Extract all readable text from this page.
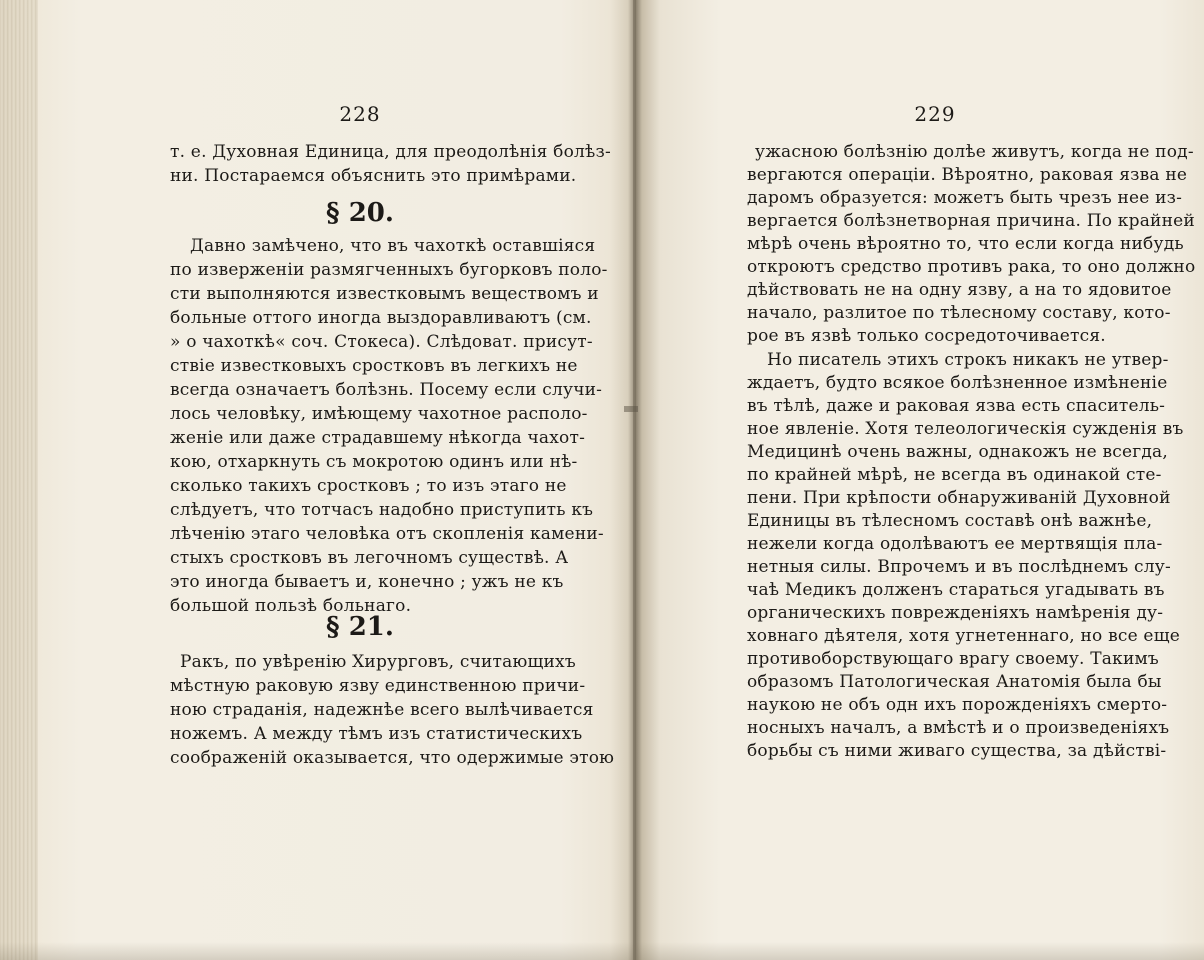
228
т. е. Духовная Единица, для преодолѣнія болѣз-
ни. Постараемся объяснить это примѣрами.
§ 20.
Давно замѣчено, что въ чахоткѣ оставшіяся
по изверженіи размягченныхъ бугорковъ поло-
сти выполняются известковымъ веществомъ и
больные оттого иногда выздоравливаютъ (см.
» о чахоткѣ« соч. Стокеса). Слѣдоват. присут-
ствіе известковыхъ сростковъ въ легкихъ не
всегда означаетъ болѣзнь. Посему если случи-
лось человѣку, имѣющему чахотное располо-
женіе или даже страдавшему нѣкогда чахот-
кою, отхаркнуть съ мокротою одинъ или нѣ-
сколько такихъ сростковъ ; то изъ этаго не
слѣдуетъ, что тотчасъ надобно приступить къ
лѣченію этаго человѣка отъ скопленія камени-
стыхъ сростковъ въ легочномъ существѣ. А
это иногда бываетъ и, конечно ; ужъ не къ
большой пользѣ больнаго.
§ 21.
Ракъ, по увѣренію Хирурговъ, считающихъ
мѣстную раковую язву единственною причи-
ною страданія, надежнѣе всего вылѣчивается
ножемъ. А между тѣмъ изъ статистическихъ
соображеній оказывается, что одержимые этою
229
ужасною болѣзнію долѣе живутъ, когда не под-
вергаются операціи. Вѣроятно, раковая язва не
даромъ образуется: можетъ быть чрезъ нее из-
вергается болѣзнетворная причина. По крайней
мѣрѣ очень вѣроятно то, что если когда нибудь
откроютъ средство противъ рака, то оно должно
дѣйствовать не на одну язву, а на то ядовитое
начало, разлитое по тѣлесному составу, кото-
рое въ язвѣ только сосредоточивается.
Но писатель этихъ строкъ никакъ не утвер-
ждаетъ, будто всякое болѣзненное измѣненіе
въ тѣлѣ, даже и раковая язва есть спаситель-
ное явленіе. Хотя телеологическія сужденія въ
Медицинѣ очень важны, однакожъ не всегда,
по крайней мѣрѣ, не всегда въ одинакой сте-
пени. При крѣпости обнаруживаній Духовной
Единицы въ тѣлесномъ составѣ онѣ важнѣе,
нежели когда одолѣваютъ ее мертвящія пла-
нетныя силы. Впрочемъ и въ послѣднемъ слу-
чаѣ Медикъ долженъ стараться угадывать въ
органическихъ повреждeніяхъ намѣренія ду-
ховнаго дѣятеля, хотя угнетеннаго, но все еще
противоборствующаго врагу своему. Такимъ
образомъ Патологическая Анатомія была бы
наукою не объ одн ихъ порожденіяхъ смерто-
носныхъ началъ, а вмѣстѣ и о произведеніяхъ
борьбы съ ними живаго существа, за дѣйстві-
